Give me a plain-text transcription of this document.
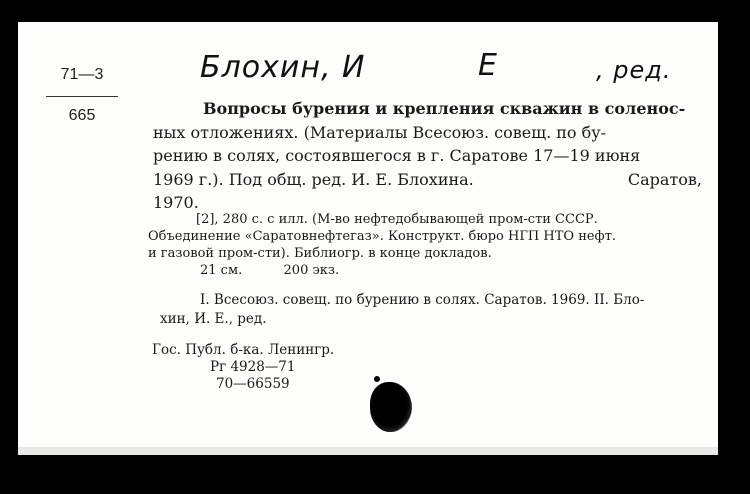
Блохин, И	Е	, ред.
71—3
665	Вопросы бурения и крепления скважин в соленос-
ных отложениях. (Материалы Всесоюз. совещ. по бу-
рению в солях, состоявшегося в г. Саратове 17—19 июня
1969 г.). Под общ. ред. И. Е. Блохина.	Саратов,
1970.
[2], 280 с. с илл. (М-во нефтедобывающей пром-сти СССР.
Объединение «Саратовнефтегаз». Конструкт. бюро НГП НТО нефт.
и газовой пром-сти). Библиогр. в конце докладов.
21 см.          200 экз.
I. Всесоюз. совещ. по бурению в солях. Саратов. 1969. II. Бло-
хин, И. Е., ред.
Гос. Публ. б-ка. Ленингр.
Рг 4928—71
70—66559
